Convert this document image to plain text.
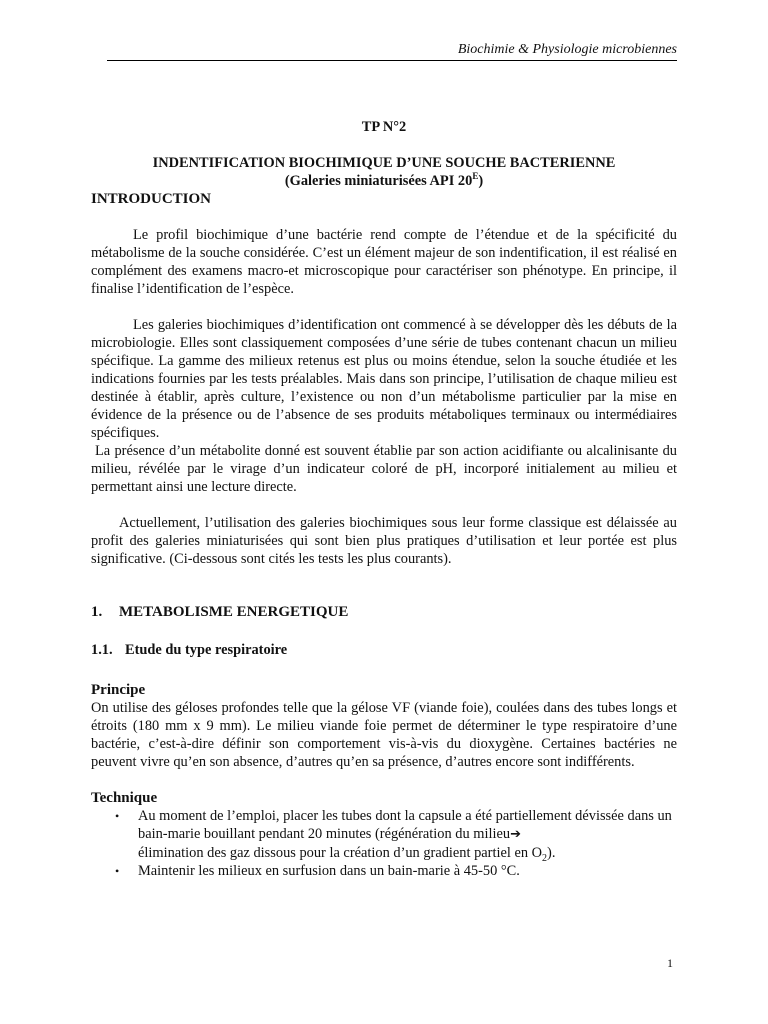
Biochimie & Physiologie microbiennes

TP N°2

INDENTIFICATION BIOCHIMIQUE D’UNE SOUCHE BACTERIENNE
(Galeries miniaturisées API $20^E$)
INTRODUCTION

Le profil biochimique d’une bactérie rend compte de l’étendue et de la spécificité du métabolisme de la souche considérée. C’est un élément majeur de son indentification, il est réalisé en complément des examens macro-et microscopique pour caractériser son phénotype. En principe, il finalise l’identification de l’espèce.

Les galeries biochimiques d’identification ont commencé à se développer dès les débuts de la microbiologie. Elles sont classiquement composées d’une série de tubes contenant chacun un milieu spécifique. La gamme des milieux retenus est plus ou moins étendue, selon la souche étudiée et les indications fournies par les tests préalables. Mais dans son principe, l’utilisation de chaque milieu est destinée à établir, après culture, l’existence ou non d’un métabolisme particulier par la mise en évidence de la présence ou de l’absence de ses produits métaboliques terminaux ou intermédiaires spécifiques.

La présence d’un métabolite donné est souvent établie par son action acidifiante ou alcalinisante du milieu, révélée par le virage d’un indicateur coloré de pH, incorporé initialement au milieu et permettant ainsi une lecture directe.

Actuellement, l’utilisation des galeries biochimiques sous leur forme classique est délaissée au profit des galeries miniaturisées qui sont bien plus pratiques d’utilisation et leur portée est plus significative. (Ci-dessous sont cités les tests les plus courants).

1.	METABOLISME ENERGETIQUE
1.1. Etude du type respiratoire
Principe

On utilise des géloses profondes telle que la gélose VF (viande foie), coulées dans des tubes longs et étroits (180 mm x 9 mm). Le milieu viande foie permet de déterminer le type respiratoire d’une bactérie, c’est-à-dire définir son comportement vis-à-vis du dioxygène. Certaines bactéries ne peuvent vivre qu’en son absence, d’autres qu’en sa présence, d’autres encore sont indifférents.

Technique
• Au moment de l’emploi, placer les tubes dont la capsule a été partiellement dévissée dans un bain-marie bouillant pendant 20 minutes (régénération du milieu➔
élimination des gaz dissous pour la création d’un gradient partiel en $O_2$).
• Maintenir les milieux en surfusion dans un bain-marie à 45-50 °C.
1
